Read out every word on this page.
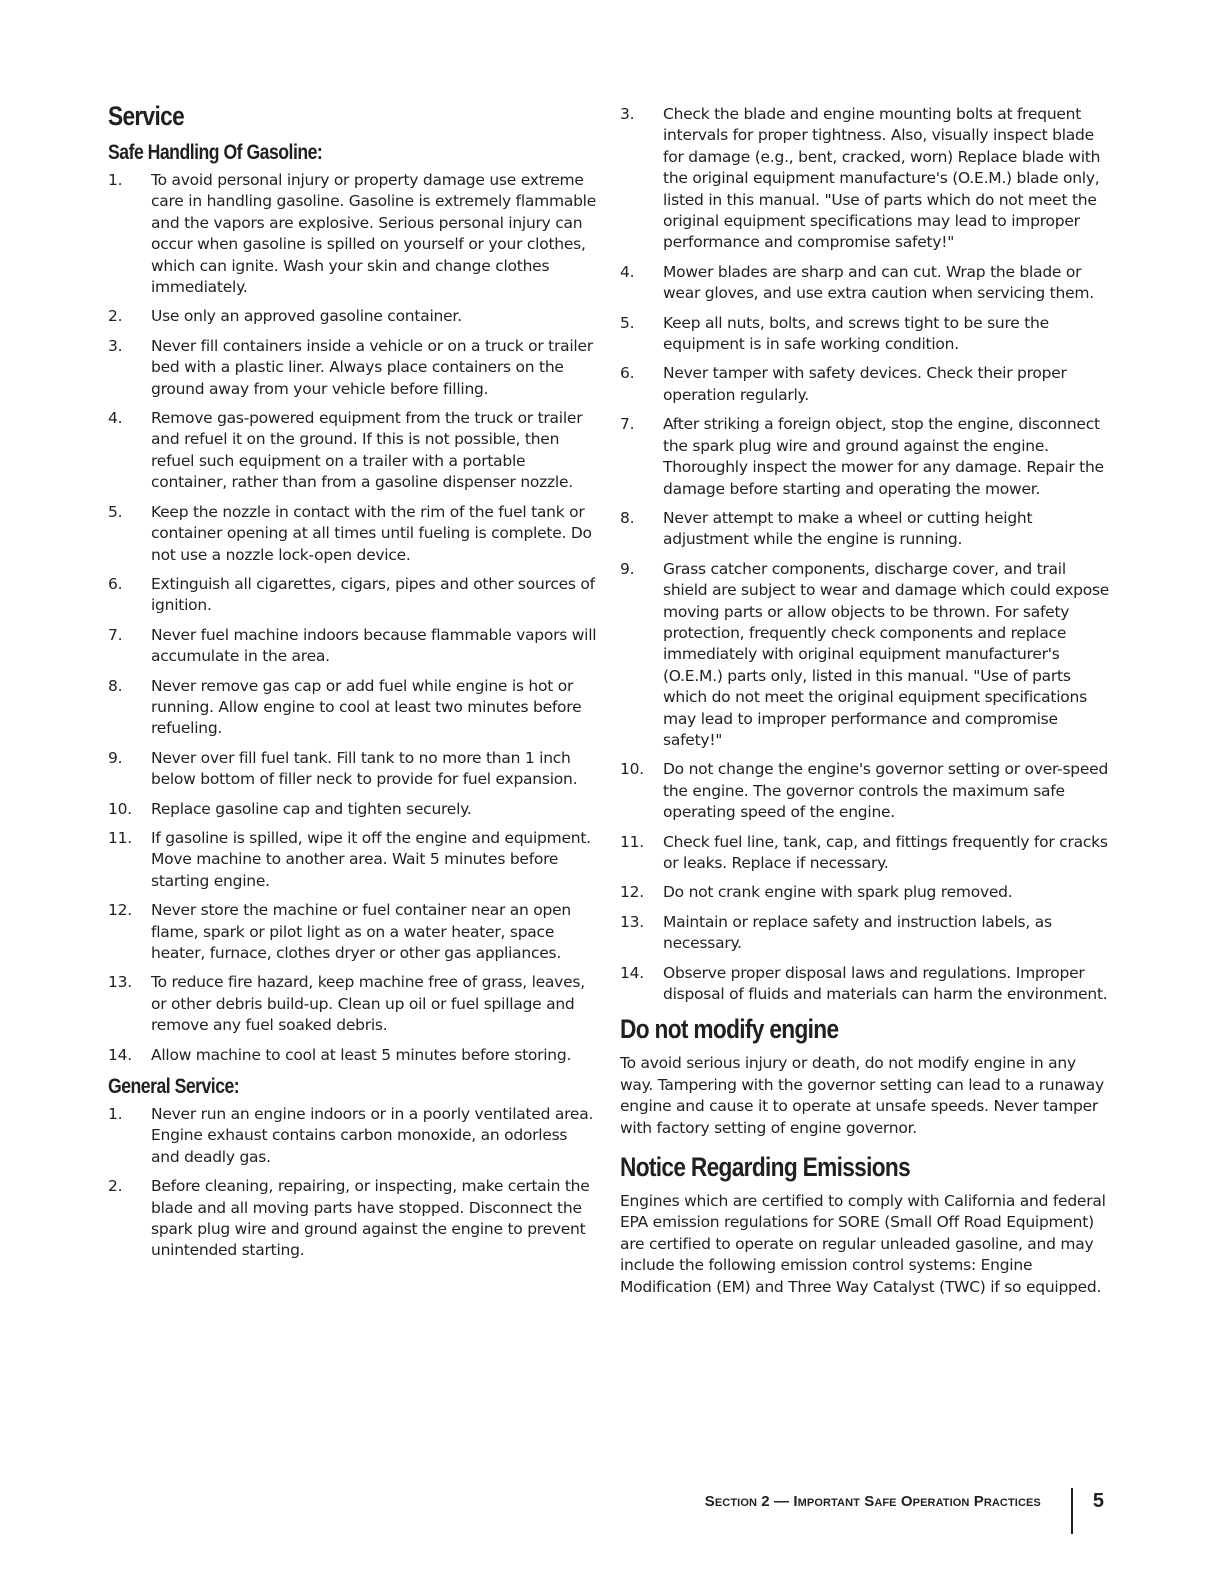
Service
Safe Handling Of Gasoline:
1.	To avoid personal injury or property damage use extreme care in handling gasoline. Gasoline is extremely flammable and the vapors are explosive. Serious personal injury can occur when gasoline is spilled on yourself or your clothes, which can ignite. Wash your skin and change clothes immediately.
2.	Use only an approved gasoline container.
3.	Never fill containers inside a vehicle or on a truck or trailer bed with a plastic liner. Always place containers on the ground away from your vehicle before filling.
4.	Remove gas-powered equipment from the truck or trailer and refuel it on the ground. If this is not possible, then refuel such equipment on a trailer with a portable container, rather than from a gasoline dispenser nozzle.
5.	Keep the nozzle in contact with the rim of the fuel tank or container opening at all times until fueling is complete. Do not use a nozzle lock-open device.
6.	Extinguish all cigarettes, cigars, pipes and other sources of ignition.
7.	Never fuel machine indoors because flammable vapors will accumulate in the area.
8.	Never remove gas cap or add fuel while engine is hot or running. Allow engine to cool at least two minutes before refueling.
9.	Never over fill fuel tank. Fill tank to no more than 1 inch below bottom of filler neck to provide for fuel expansion.
10.	Replace gasoline cap and tighten securely.
11.	If gasoline is spilled, wipe it off the engine and equipment. Move machine to another area. Wait 5 minutes before starting engine.
12.	Never store the machine or fuel container near an open flame, spark or pilot light as on a water heater, space heater, furnace, clothes dryer or other gas appliances.
13.	To reduce fire hazard, keep machine free of grass, leaves, or other debris build-up. Clean up oil or fuel spillage and remove any fuel soaked debris.
14.	Allow machine to cool at least 5 minutes before storing.
General Service:
1.	Never run an engine indoors or in a poorly ventilated area. Engine exhaust contains carbon monoxide, an odorless and deadly gas.
2.	Before cleaning, repairing, or inspecting, make certain the blade and all moving parts have stopped. Disconnect the spark plug wire and ground against the engine to prevent unintended starting.
3.	Check the blade and engine mounting bolts at frequent intervals for proper tightness. Also, visually inspect blade for damage (e.g., bent, cracked, worn) Replace blade with the original equipment manufacture's (O.E.M.) blade only, listed in this manual. "Use of parts which do not meet the original equipment specifications may lead to improper performance and compromise safety!"
4.	Mower blades are sharp and can cut. Wrap the blade or wear gloves, and use extra caution when servicing them.
5.	Keep all nuts, bolts, and screws tight to be sure the equipment is in safe working condition.
6.	Never tamper with safety devices. Check their proper operation regularly.
7.	After striking a foreign object, stop the engine, disconnect the spark plug wire and ground against the engine. Thoroughly inspect the mower for any damage. Repair the damage before starting and operating the mower.
8.	Never attempt to make a wheel or cutting height adjustment while the engine is running.
9.	Grass catcher components, discharge cover, and trail shield are subject to wear and damage which could expose moving parts or allow objects to be thrown. For safety protection, frequently check components and replace immediately with original equipment manufacturer's (O.E.M.) parts only, listed in this manual. "Use of parts which do not meet the original equipment specifications may lead to improper performance and compromise safety!"
10.	Do not change the engine's governor setting or over-speed the engine. The governor controls the maximum safe operating speed of the engine.
11.	Check fuel line, tank, cap, and fittings frequently for cracks or leaks. Replace if necessary.
12.	Do not crank engine with spark plug removed.
13.	Maintain or replace safety and instruction labels, as necessary.
14.	Observe proper disposal laws and regulations. Improper disposal of fluids and materials can harm the environment.
Do not modify engine

To avoid serious injury or death, do not modify engine in any way. Tampering with the governor setting can lead to a runaway engine and cause it to operate at unsafe speeds. Never tamper with factory setting of engine governor.

Notice Regarding Emissions

Engines which are certified to comply with California and federal EPA emission regulations for SORE (Small Off Road Equipment) are certified to operate on regular unleaded gasoline, and may include the following emission control systems: Engine Modification (EM) and Three Way Catalyst (TWC) if so equipped.

Section 2 — Important Safe Operation Practices	5
